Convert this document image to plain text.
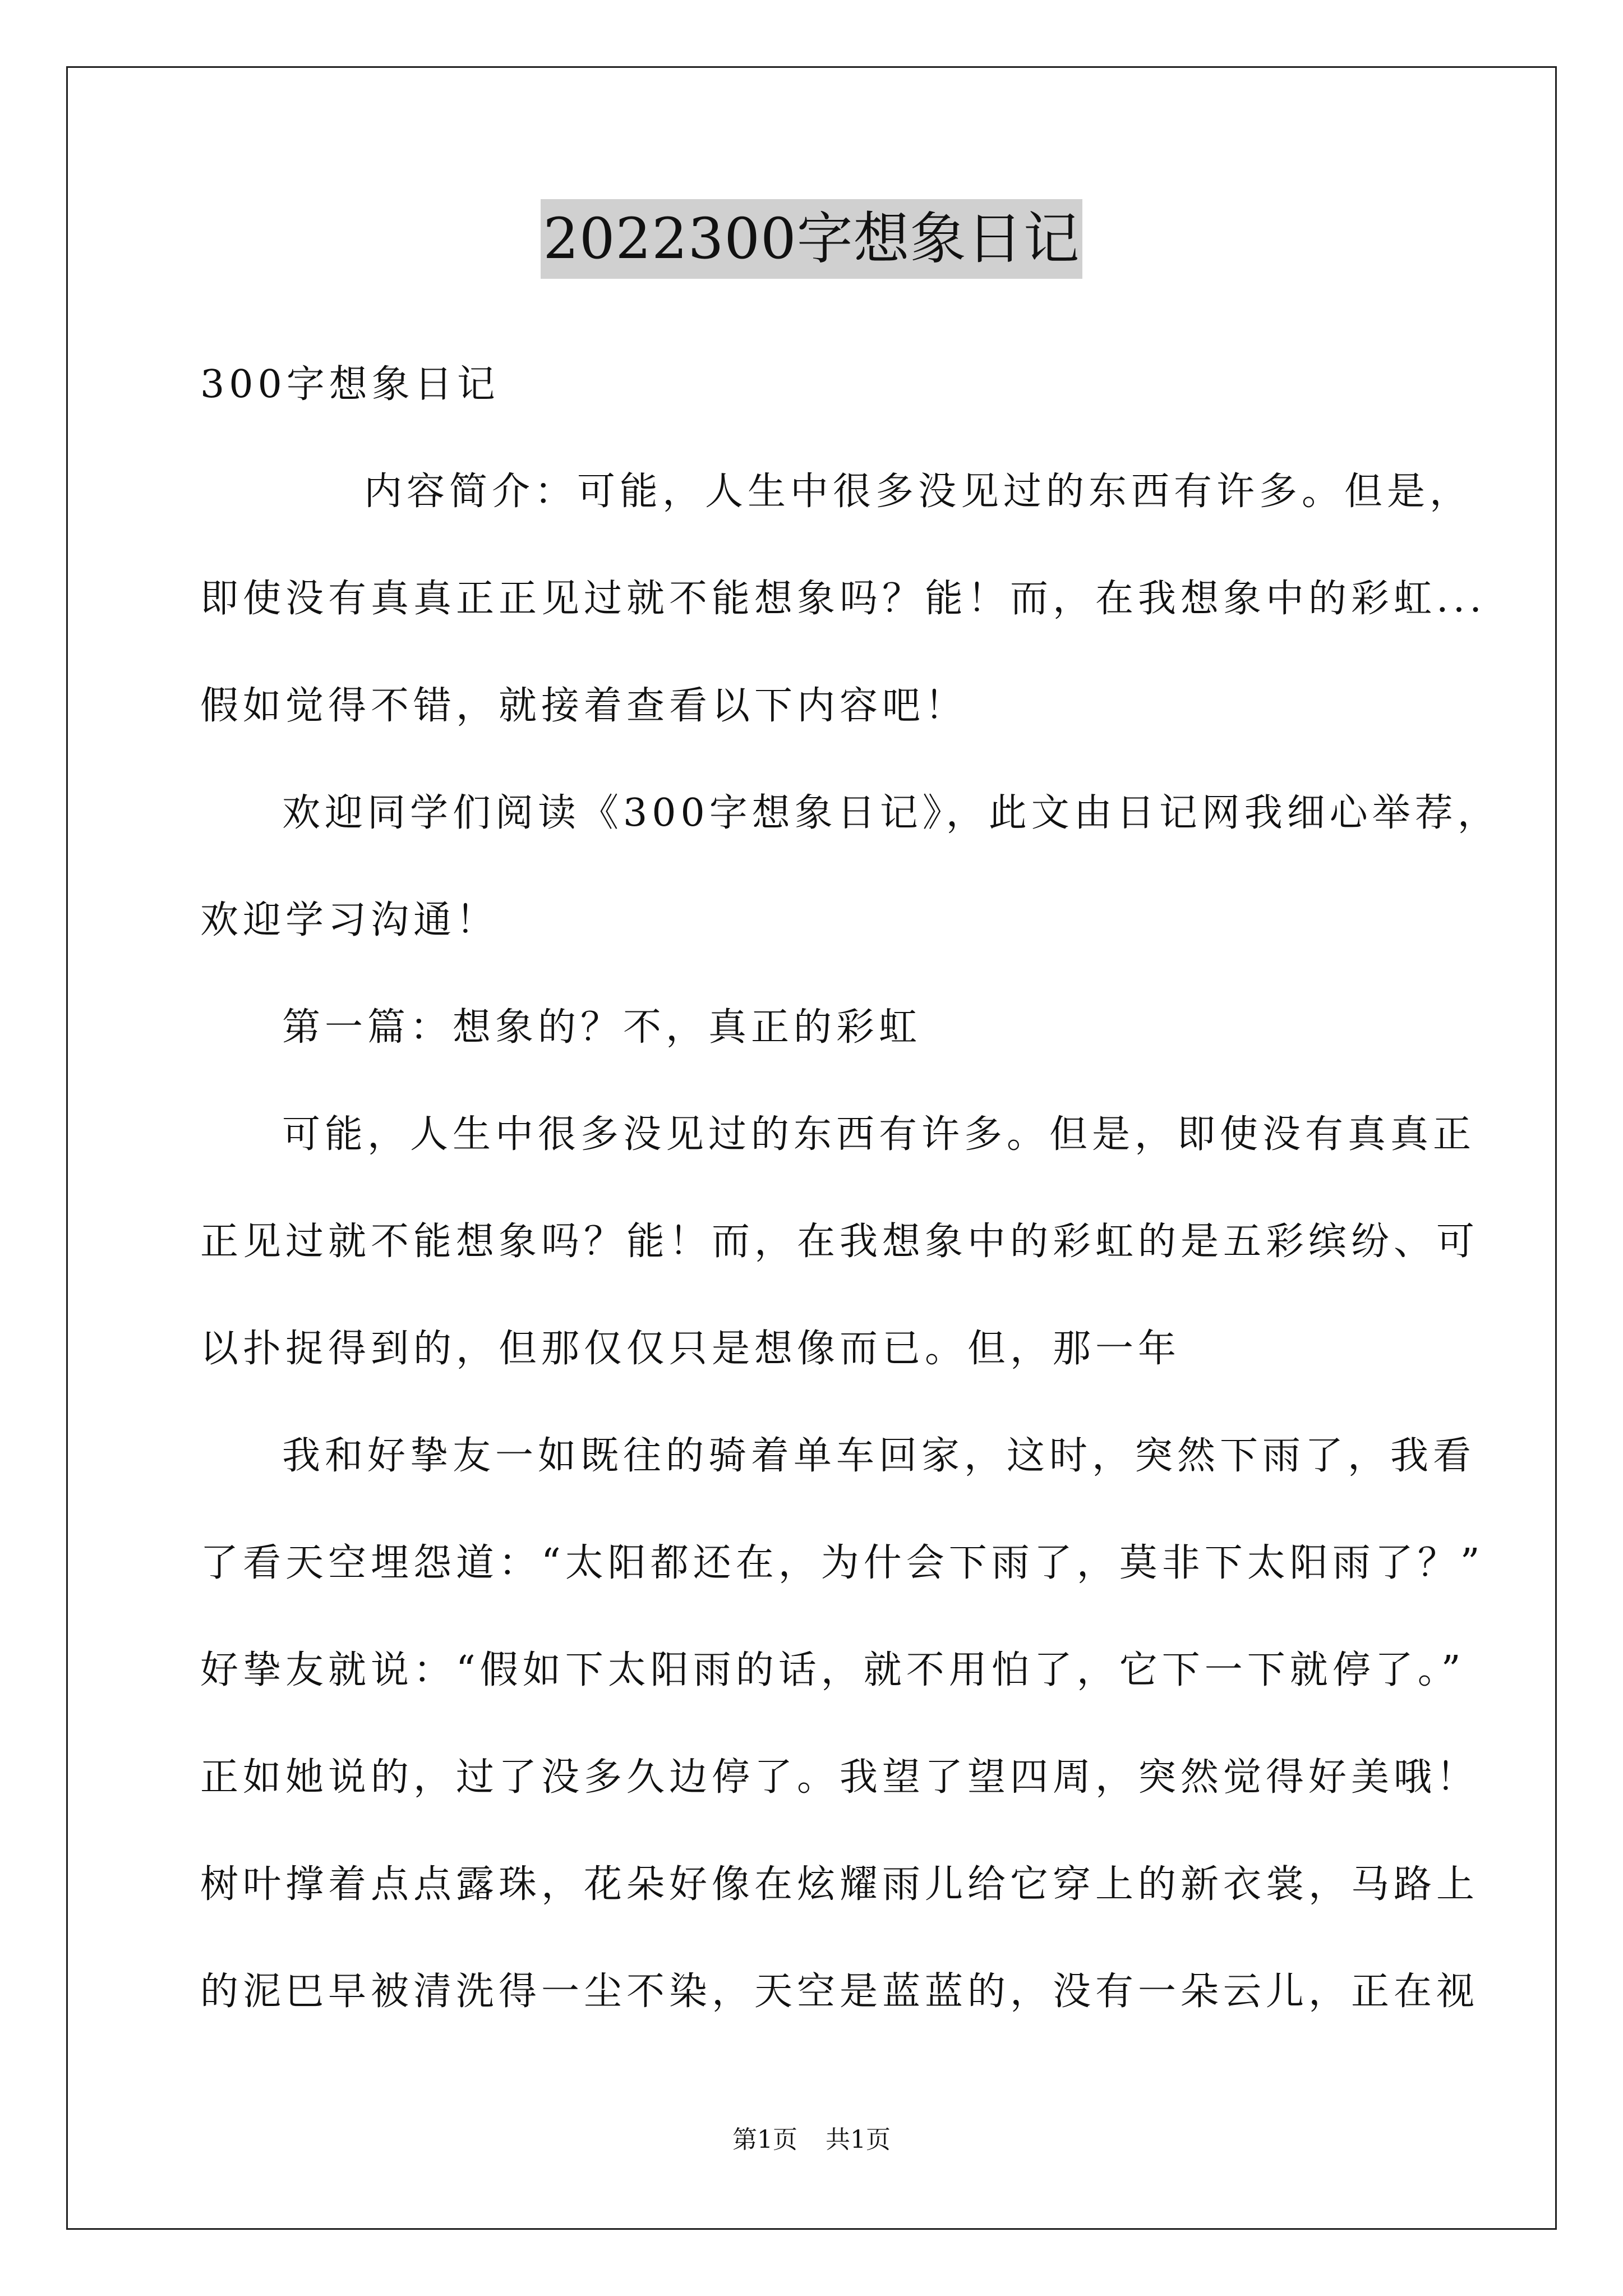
2022300字想象日记
300字想象日记
内容简介：可能，人生中很多没见过的东西有许多。但是，
即使没有真真正正见过就不能想象吗？能！而，在我想象中的彩虹...
假如觉得不错，就接着查看以下内容吧！
欢迎同学们阅读《300字想象日记》，此文由日记网我细心举荐，
欢迎学习沟通！
第一篇：想象的？不，真正的彩虹
可能，人生中很多没见过的东西有许多。但是，即使没有真真正
正见过就不能想象吗？能！而，在我想象中的彩虹的是五彩缤纷、可
以扑捉得到的，但那仅仅只是想像而已。但，那一年
我和好挚友一如既往的骑着单车回家，这时，突然下雨了，我看
了看天空埋怨道：“太阳都还在，为什会下雨了，莫非下太阳雨了？”
好挚友就说：“假如下太阳雨的话，就不用怕了，它下一下就停了。”
正如她说的，过了没多久边停了。我望了望四周，突然觉得好美哦！
树叶撑着点点露珠，花朵好像在炫耀雨儿给它穿上的新衣裳，马路上
的泥巴早被清洗得一尘不染，天空是蓝蓝的，没有一朵云儿，正在视
第1页 共1页
